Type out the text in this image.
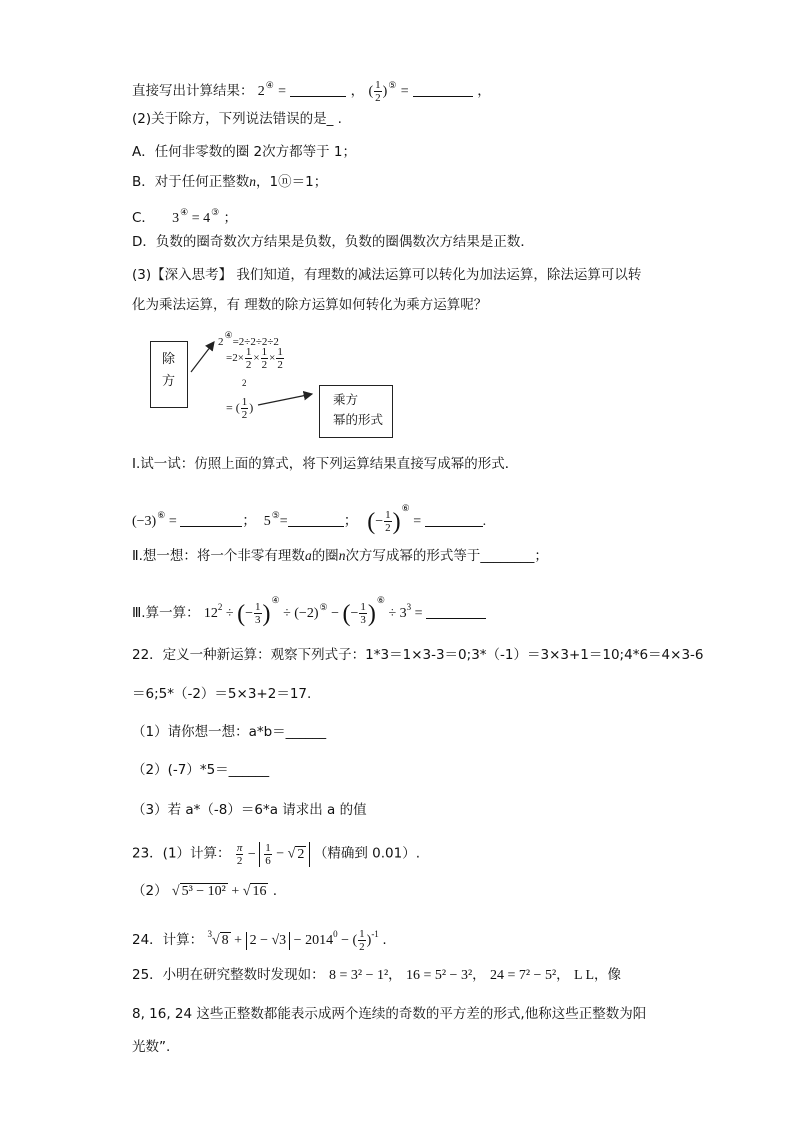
直接写出计算结果： 2④ =	， ( $\frac{1}{2} )^⑤$ =	，
(2)关于除方，下列说法错误的是_ .
A．任何非零数的圈 2次方都等于 1；
B．对于任何正整数n，1ⓝ＝1；
C． 3④ = 4③ ；
D．负数的圈奇数次方结果是负数，负数的圈偶数次方结果是正数．
(3)【深入思考】 我们知道，有理数的减法运算可以转化为加法运算，除法运算可以转
化为乘法运算，有 理数的除方运算如何转化为乘方运算呢？
除
方
2④=2÷2÷2÷2
$=2\times \frac{1}{2} \times \frac{1}{2} \times \frac{1}{2}$
2
= ( $\frac{1}{2}$ )
乘方
幂的形式
Ⅰ.试一试：仿照上面的算式，将下列运算结果直接写成幂的形式．
(−3)⑥ =	； 5⑤=	； (− $\frac{1}{2} )^⑥$ =	.
Ⅱ.想一想：将一个非零有理数a的圈n次方写成幂的形式等于________；
Ⅲ.算一算： $12^2$ ÷ (− $\frac{1}{3} )^④ \div (-2)^⑤$ − (− $\frac{1}{3} )^⑥ \div 3^3$ =
22．定义一种新运算：观察下列式子：1*3＝1×3-3＝0;3*（-1）＝3×3+1＝10;4*6＝4×3-6
＝6;5*（-2）＝5×3+2＝17.
（1）请你想一想：a*b＝______
（2）(-7）*5＝______
（3）若 a*（-8）＝6*a 请求出 a 的值
23．(1）计算： $\frac{\pi}{2} - \frac{1}{6}$ − √ 2 （精确到 0.01）.
（2） √ 5³ − 10² + √ 16 .
24．计算： $^3$√ $8 + 2 - √3 - 2014^0$ − ( $\frac{1}{2} )^{-1}$ .
25．小明在研究整数时发现如： 8 = 3² − 1²， 16 = 5² − 3²， 24 = 7² − 5²， L L，像
8, 16, 24 这些正整数都能表示成两个连续的奇数的平方差的形式,他称这些正整数为阳
光数”.
